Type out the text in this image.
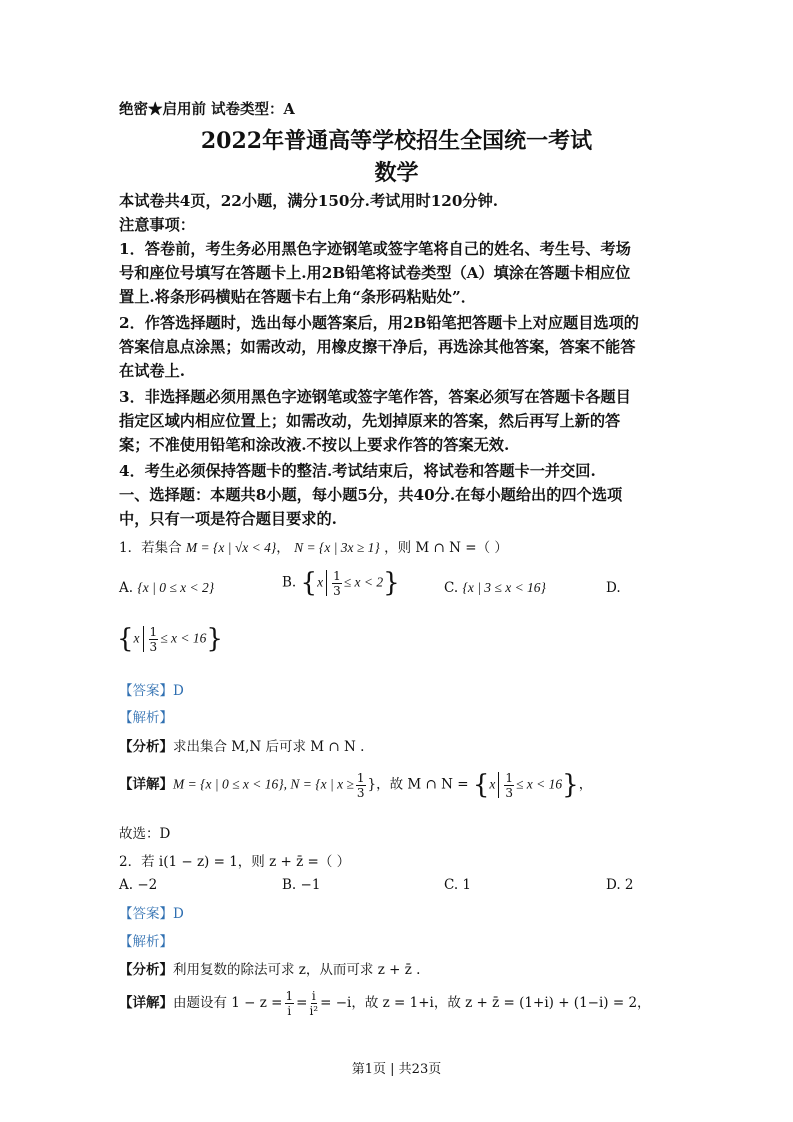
绝密★启用前 试卷类型：A
2022年普通高等学校招生全国统一考试
数学
本试卷共4页，22小题，满分150分.考试用时120分钟.
注意事项：
1．答卷前，考生务必用黑色字迹钢笔或签字笔将自己的姓名、考生号、考场
号和座位号填写在答题卡上.用2B铅笔将试卷类型（A）填涂在答题卡相应位
置上.将条形码横贴在答题卡右上角“条形码粘贴处”．
2．作答选择题时，选出每小题答案后，用2B铅笔把答题卡上对应题目选项的
答案信息点涂黑；如需改动，用橡皮擦干净后，再选涂其他答案，答案不能答
在试卷上.
3．非选择题必须用黑色字迹钢笔或签字笔作答，答案必须写在答题卡各题目
指定区域内相应位置上；如需改动，先划掉原来的答案，然后再写上新的答
案；不准使用铅笔和涂改液.不按以上要求作答的答案无效.
4．考生必须保持答题卡的整洁.考试结束后，将试卷和答题卡一并交回.
一、选择题：本题共8小题，每小题5分，共40分.在每小题给出的四个选项
中，只有一项是符合题目要求的.
1．若集合 M = {x | √x < 4}， N = {x | 3x ≥ 1} ，则 M ∩ N =（ ）
A. {x | 0 ≤ x < 2}	B. $\{x \frac{1}{3} \le x < 2\}$	C. {x | 3 ≤ x < 16}	D.
$\{x \frac{1}{3} \le x < 16\}$
【答案】D
【解析】
【分析】求出集合 M,N 后可求 M ∩ N .
【详解】M = {x | 0 ≤ x < 16}, N = {x | $x \ge \frac{1}{3}$ }，故 M ∩ $N = \{x \frac{1}{3} \le x < 16\}$，
故选：D
2．若 i(1 − z) = 1，则 z + z̄ =（ ）
A. −2	B. −1	C. 1	D. 2
【答案】D
【解析】
【分析】利用复数的除法可求 z，从而可求 z + z̄ .
【详解】由题设有 $1 - z = \frac{1}{i} = \frac{i}{\text{i²}} = -i$，故 z = 1+i，故 z + z̄ = (1+i) + (1−i) = 2，
第1页 | 共23页
